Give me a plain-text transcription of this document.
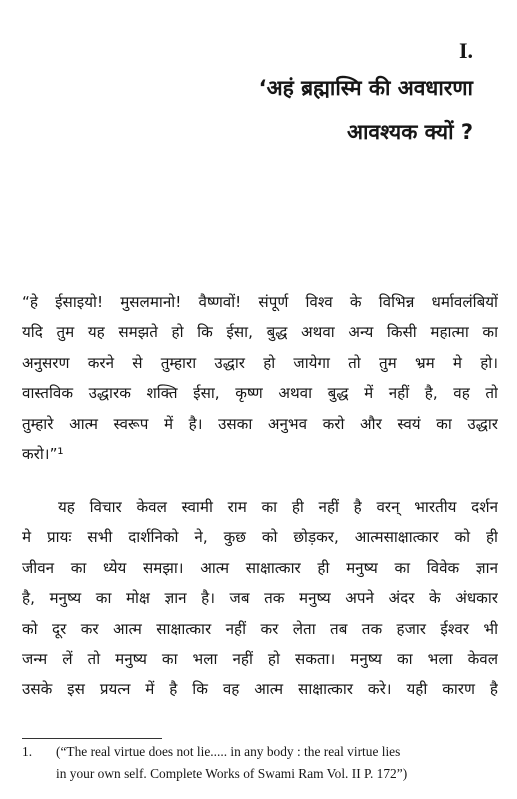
I.
‘अहं ब्रह्मास्मि की अवधारणा
आवश्यक क्यों ?
“हे ईसाइयो! मुसलमानो! वैष्णवों! संपूर्ण विश्व के विभिन्न धर्मावलंबियों
यदि तुम यह समझते हो कि ईसा, बुद्ध अथवा अन्य किसी महात्मा का
अनुसरण करने से तुम्हारा उद्धार हो जायेगा तो तुम भ्रम मे हो।
वास्तविक उद्धारक शक्ति ईसा, कृष्ण अथवा बुद्ध में नहीं है, वह तो
तुम्हारे आत्म स्वरूप में है। उसका अनुभव करो और स्वयं का उद्धार
करो।”¹
यह विचार केवल स्वामी राम का ही नहीं है वरन् भारतीय दर्शन
मे प्रायः सभी दार्शनिको ने, कुछ को छोड़कर, आत्मसाक्षात्कार को ही
जीवन का ध्येय समझा। आत्म साक्षात्कार ही मनुष्य का विवेक ज्ञान
है, मनुष्य का मोक्ष ज्ञान है। जब तक मनुष्य अपने अंदर के अंधकार
को दूर कर आत्म साक्षात्कार नहीं कर लेता तब तक हजार ईश्वर भी
जन्म लें तो मनुष्य का भला नहीं हो सकता। मनुष्य का भला केवल
उसके इस प्रयत्न में है कि वह आत्म साक्षात्कार करे। यही कारण है
1. (“The real virtue does not lie..... in any body : the real virtue lies
in your own self. Complete Works of Swami Ram Vol. II P. 172”)
